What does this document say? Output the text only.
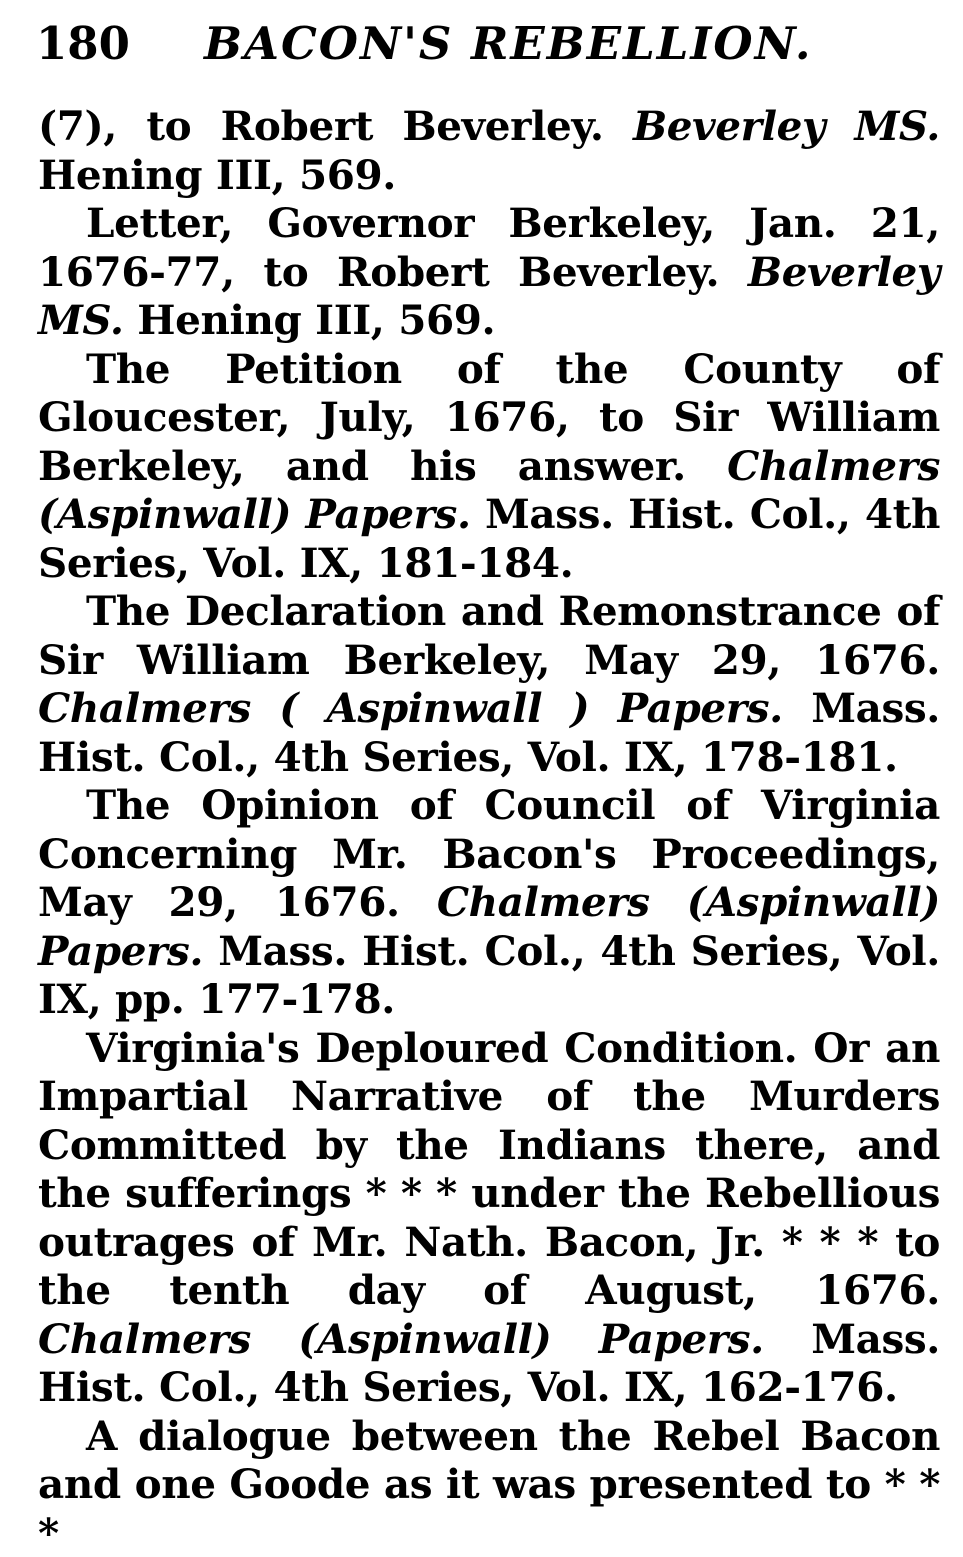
180 BACON'S REBELLION.

(7), to Robert Beverley. Beverley MS. Hening III, 569.

Letter, Governor Berkeley, Jan. 21, 1676-77, to Robert Beverley. Beverley MS. Hening III, 569.

The Petition of the County of Gloucester, July, 1676, to Sir William Berkeley, and his answer. Chalmers (Aspinwall) Papers. Mass. Hist. Col., 4th Series, Vol. IX, 181-184.

The Declaration and Remonstrance of Sir William Berkeley, May 29, 1676. Chalmers ( Aspinwall ) Papers. Mass. Hist. Col., 4th Series, Vol. IX, 178-181.

The Opinion of Council of Virginia Concerning Mr. Bacon's Proceedings, May 29, 1676. Chalmers (Aspinwall) Papers. Mass. Hist. Col., 4th Series, Vol. IX, pp. 177-178.

Virginia's Deploured Condition. Or an Impartial Narrative of the Murders Committed by the Indians there, and the sufferings * * * under the Rebellious outrages of Mr. Nath. Bacon, Jr. * * * to the tenth day of August, 1676. Chalmers (Aspinwall) Papers. Mass. Hist. Col., 4th Series, Vol. IX, 162-176.

A dialogue between the Rebel Bacon and one Goode as it was presented to * * *
